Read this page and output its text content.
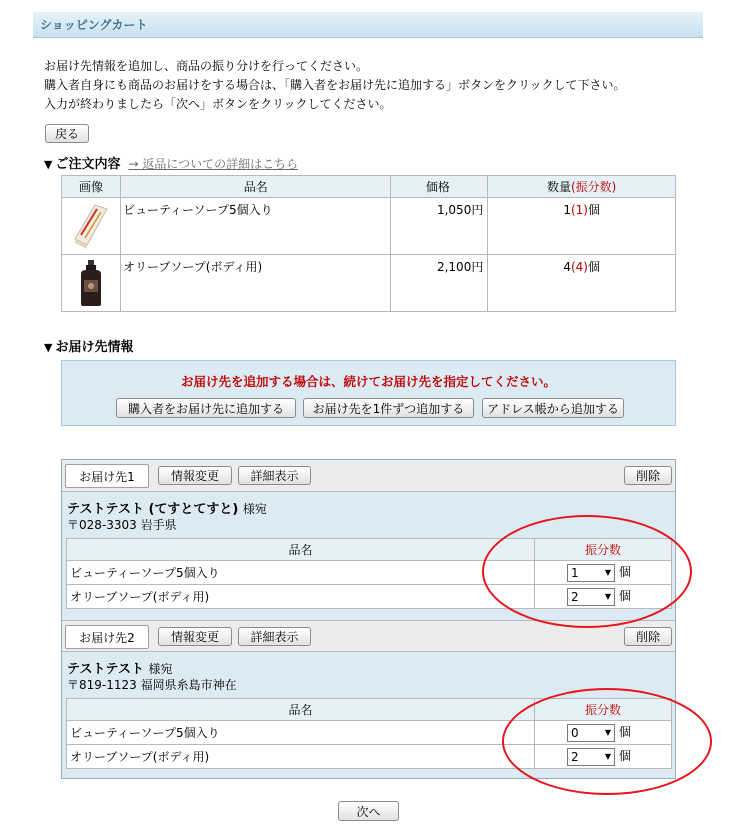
ショッピングカート
お届け先情報を追加し、商品の振り分けを行ってください。
購入者自身にも商品のお届けをする場合は、「購入者をお届け先に追加する」ボタンをクリックして下さい。
入力が終わりましたら「次へ」ボタンをクリックしてください。
戻る
▼ ご注文内容 → 返品についての詳細はこちら
画像	品名	価格	数量(振分数)

	ビューティーソープ5個入り	1,050円	1(1)個

	オリーブソープ(ボディ用)	2,100円	4(4)個
▼ お届け先情報
お届け先を追加する場合は、続けてお届け先を指定してください。
購入者をお届け先に追加する	お届け先を1件ずつ追加する	アドレス帳から追加する
お届け先1	情報変更	詳細表示	削除
テストテスト (てすとてすと) 様宛
〒028-3303 岩手県
品名	振分数
ビューティーソープ5個入り	1 ▼ 個
オリーブソープ(ボディ用)	2 ▼ 個
お届け先2	情報変更	詳細表示	削除
テストテスト 様宛
〒819-1123 福岡県糸島市神在
品名	振分数
ビューティーソープ5個入り	0 ▼ 個
オリーブソープ(ボディ用)	2 ▼ 個
次へ
